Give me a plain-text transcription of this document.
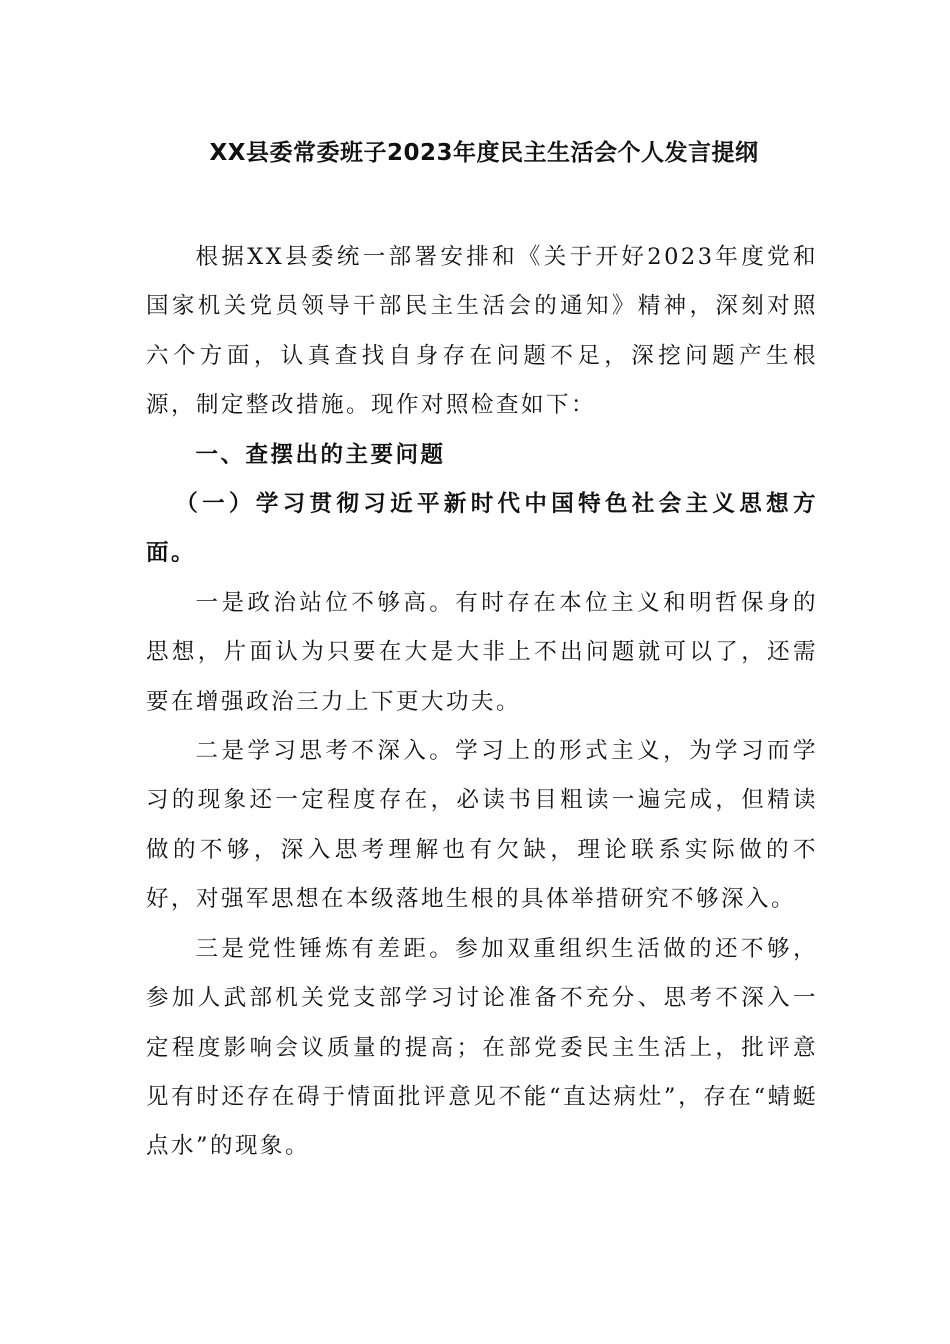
XX县委常委班子2023年度民主生活会个人发言提纲

根据XX县委统一部署安排和《关于开好2023年度党和国家机关党员领导干部民主生活会的通知》精神，深刻对照六个方面，认真查找自身存在问题不足，深挖问题产生根源，制定整改措施。现作对照检查如下：

一、查摆出的主要问题

（一）学习贯彻习近平新时代中国特色社会主义思想方面。

一是政治站位不够高。有时存在本位主义和明哲保身的思想，片面认为只要在大是大非上不出问题就可以了，还需要在增强政治三力上下更大功夫。

二是学习思考不深入。学习上的形式主义，为学习而学习的现象还一定程度存在，必读书目粗读一遍完成，但精读做的不够，深入思考理解也有欠缺，理论联系实际做的不好，对强军思想在本级落地生根的具体举措研究不够深入。

三是党性锤炼有差距。参加双重组织生活做的还不够，参加人武部机关党支部学习讨论准备不充分、思考不深入一定程度影响会议质量的提高；在部党委民主生活上，批评意见有时还存在碍于情面批评意见不能“直达病灶”，存在“蜻蜓点水”的现象。
